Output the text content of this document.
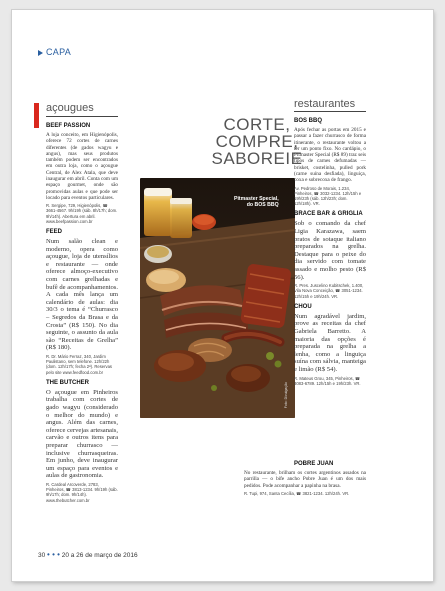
CAPA
açougues
BEEF PASSION

A loja conceito, em Higienópolis, oferece 72 cortes de carnes diferentes (de gados wagyu e angus), mas seus produtos também podem ser encontrados em outra loja, como o açougue Central, de Alex Atala, que deve inaugurar em abril. Conta com um espaço gourmet, onde são promovidas aulas e que pode ser locado para eventos particulares.

R. Sergipe, 729, Higienópolis, ☎ 3661-4567. 9h/19h (sáb. 8h/17h; dom. 9h/14h). Abertura em abril. www.beefpassion.com.br
FEED

Num salão clean e moderno, opera como açougue, loja de utensílios e restaurante — onde oferece almoço-executivo com carnes grelhadas e bufê de acompanhamentos. A cada mês lança um calendário de aulas: dia 30/3 o tema é “Churrasco – Segredos da Brasa e da Crosta” (R$ 150). No dia seguinte, o assunto da aula são “Receitas de Grelha” (R$ 180).

R. Dr. Mário Ferraz, 340, Jardim Paulistano, sem telefone. 12h/22h (dom. 12h/17h; fecha 2ª). Reservas pelo site www.feedfood.com.br
THE BUTCHER

O açougue em Pinheiros trabalha com cortes de gado wagyu (considerado o melhor do mundo) e angus. Além das carnes, oferece cervejas artesanais, carvão e outros itens para preparar churrasco — inclusive churrasqueiras. Em junho, deve inaugurar um espaço para eventos e aulas de gastronomia.

R. Cardeal Arcoverde, 2783, Pinheiros, ☎ 3813-1234. 9h/19h (sáb. 9h/17h; dom. 9h/14h). www.thebutcher.com.br
CORTE,
COMPRE,
SABOREIE
Pitmaster Special,
do BOS BBQ
Foto: Divulgação
restaurantes
BOS BBQ

Após fechar as portas em 2015 e passar a fazer churrasco de forma itinerante, o restaurante voltou a ter um ponto fixo. No cardápio, o Pitmaster Special (R$ 89) traz seis tipos de carnes defumadas — brisket, costelinha, pulled pork (carne suína desfiada), linguiça, coxa e sobrecoxa de frango.

Av. Pedroso de Morais, 1.234, Pinheiros, ☎ 3032-1234. 12h/15h e 19h/23h (sáb. 12h/23h; dom. 12h/18h). VR.
BRACE BAR & GRIGLIA

Sob o comando da chef Ligia Karazawa, saem pratos de sotaque italiano preparados na grelha. Destaque para o peixe do dia servido com tomate assado e molho pesto (R$ 56).

R. Pres. Juscelino Kubitschek, 1.400, Vila Nova Conceição, ☎ 3051-1234. 12h/15h e 19h/24h. VR.
CHOU

Num agradável jardim, prove as receitas da chef Gabriela Barretto. A maioria das opções é preparada na grelha a lenha, como a linguiça suína com sálvia, manteiga e limão (R$ 54).

R. Mateus Grou, 345, Pinheiros, ☎ 3083-6789. 12h/15h e 19h/23h. VR.
POBRE JUAN

No restaurante, brilham os cortes argentinos assados na parrilla — o bife ancho Pobre Juan é um dos mais pedidos. Pode acompanhar a papinha na brasa.

R. Tupi, 974, Santa Cecília, ☎ 3821-1234. 12h/24h. VR.
30 • • • 20 a 26 de março de 2016
